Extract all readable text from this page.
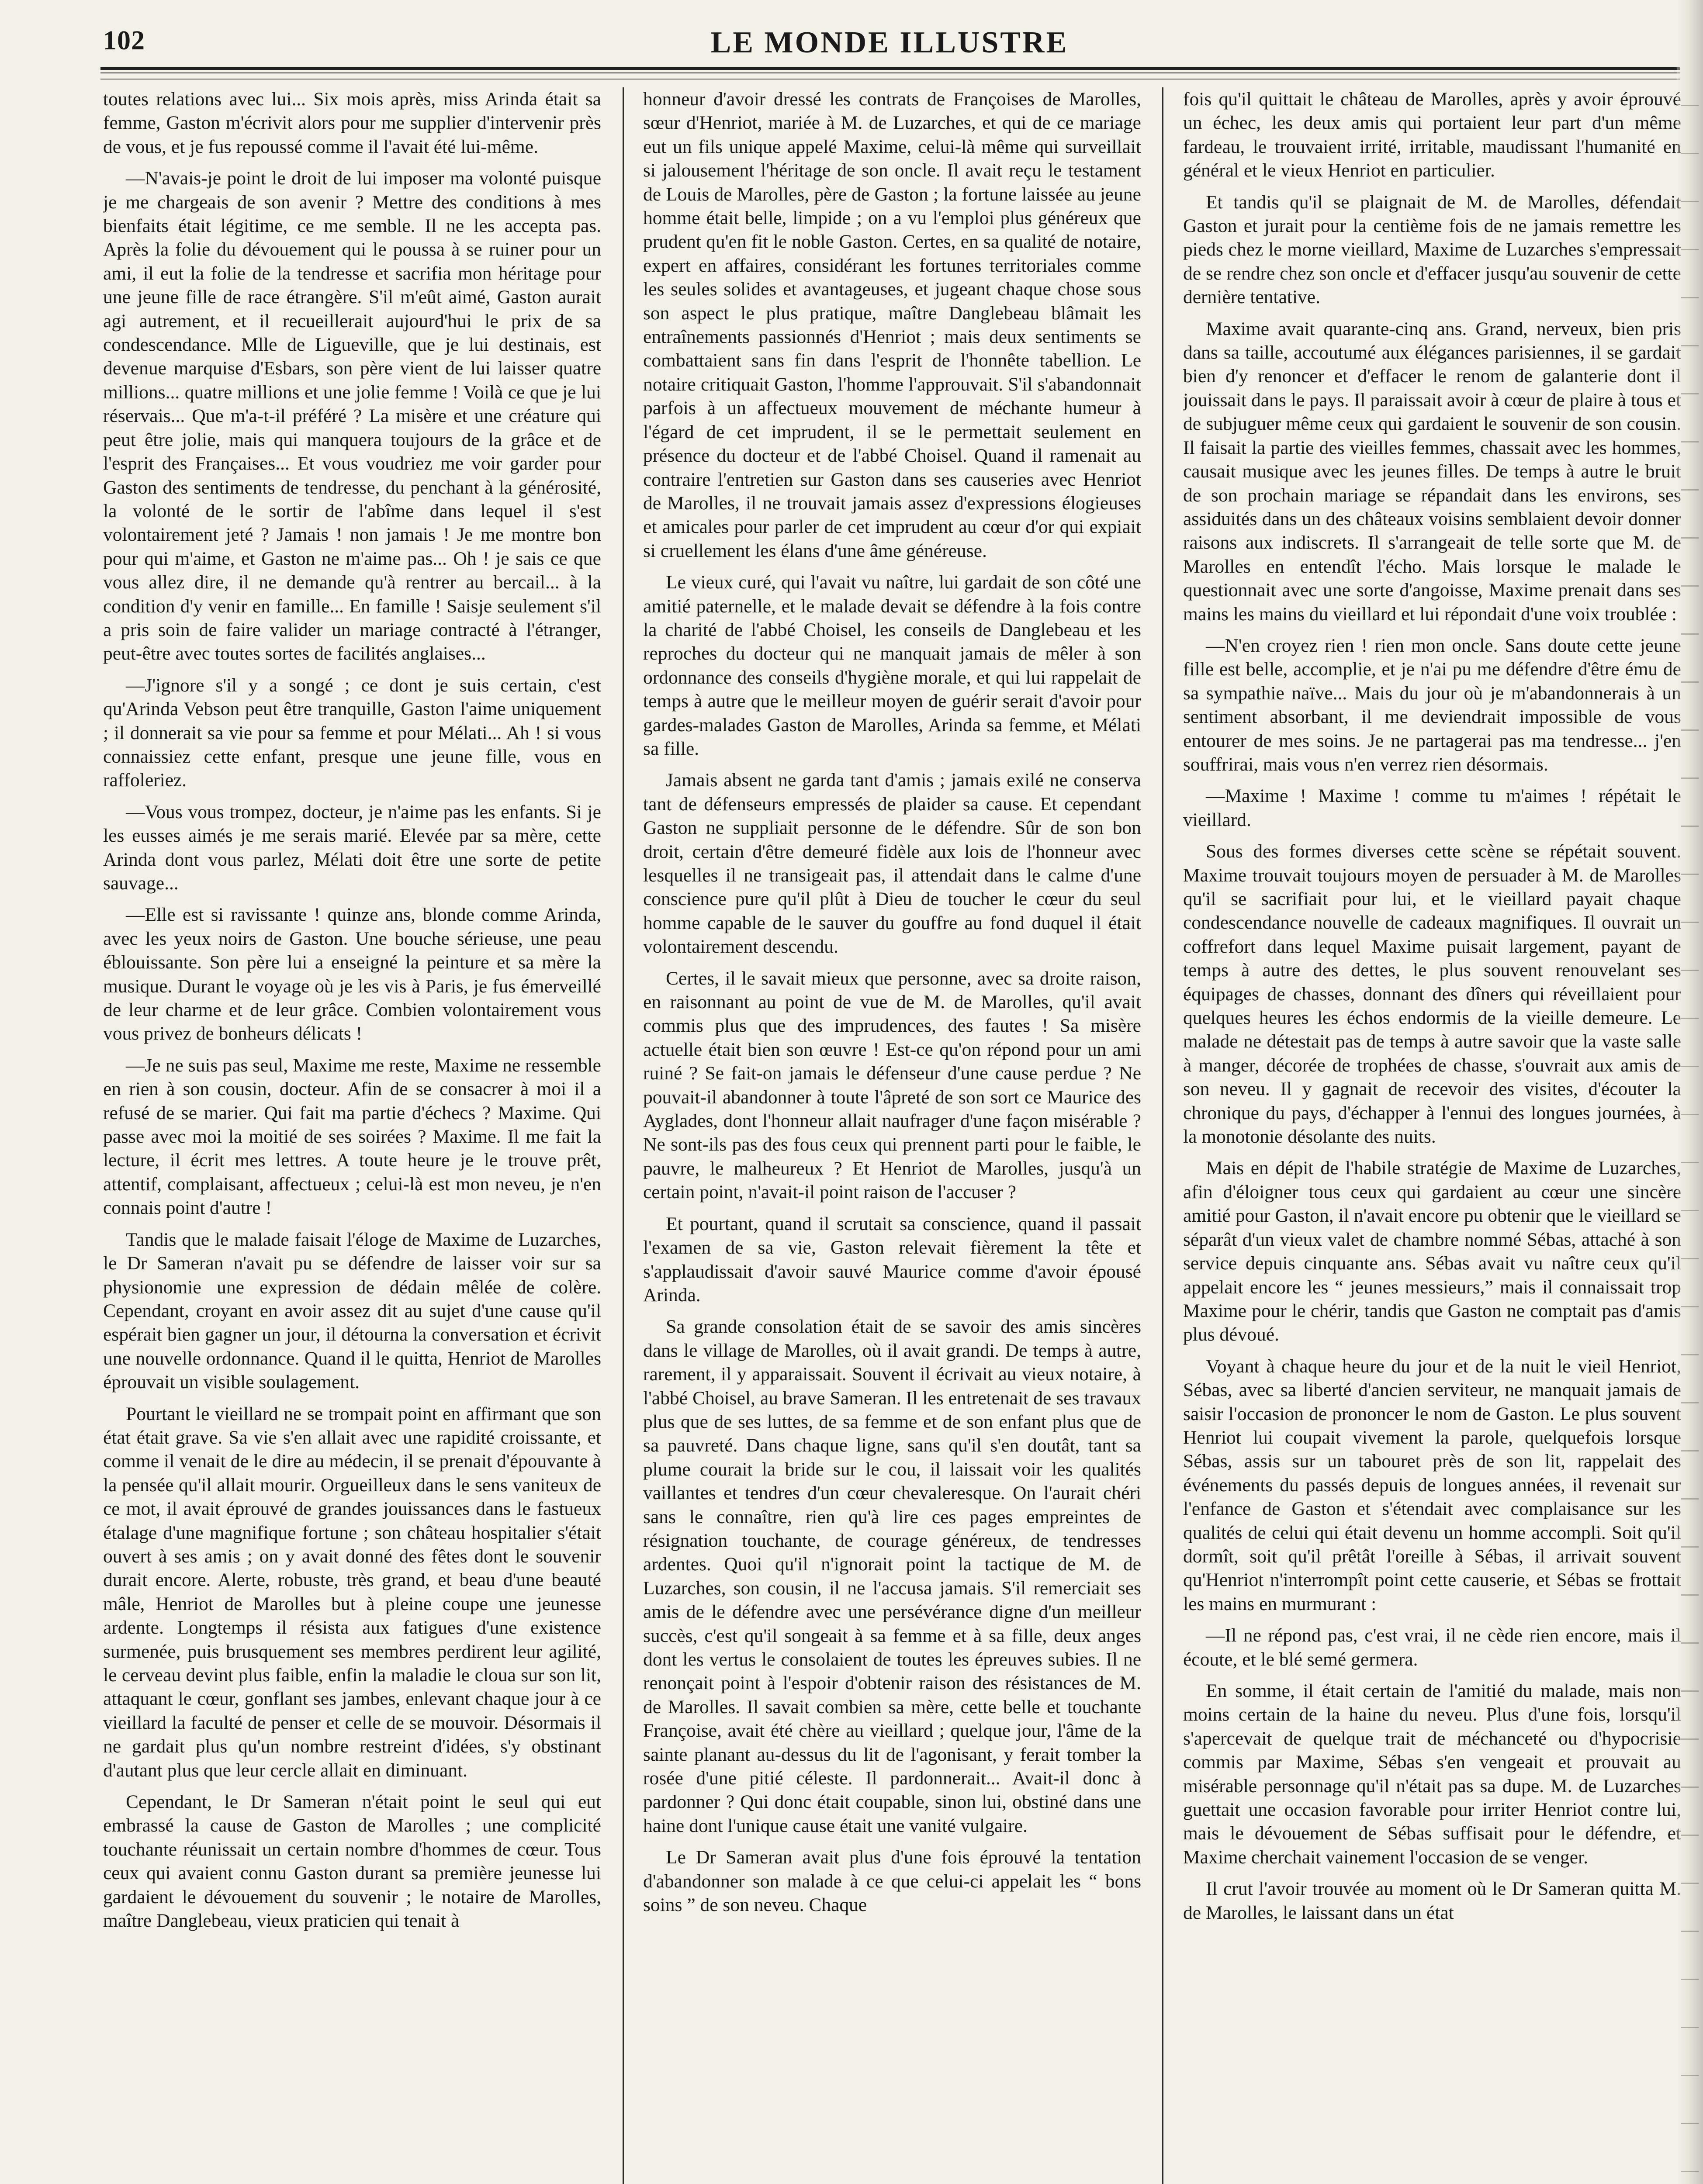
102	LE MONDE ILLUSTRE

toutes relations avec lui... Six mois après, miss Arinda était sa femme, Gaston m'écrivit alors pour me supplier d'intervenir près de vous, et je fus repoussé comme il l'avait été lui-même.

—N'avais-je point le droit de lui imposer ma volonté puisque je me chargeais de son avenir ? Mettre des conditions à mes bienfaits était légitime, ce me semble. Il ne les accepta pas. Après la folie du dévouement qui le poussa à se ruiner pour un ami, il eut la folie de la tendresse et sacrifia mon héritage pour une jeune fille de race étrangère. S'il m'eût aimé, Gaston aurait agi autrement, et il recueillerait aujourd'hui le prix de sa condescendance. Mlle de Ligueville, que je lui destinais, est devenue marquise d'Esbars, son père vient de lui laisser quatre millions... quatre millions et une jolie femme ! Voilà ce que je lui réservais... Que m'a-t-il préféré ? La misère et une créature qui peut être jolie, mais qui manquera toujours de la grâce et de l'esprit des Françaises... Et vous voudriez me voir garder pour Gaston des sentiments de tendresse, du penchant à la générosité, la volonté de le sortir de l'abîme dans lequel il s'est volontairement jeté ? Jamais ! non jamais ! Je me montre bon pour qui m'aime, et Gaston ne m'aime pas... Oh ! je sais ce que vous allez dire, il ne demande qu'à rentrer au bercail... à la condition d'y venir en famille... En famille ! Saisje seulement s'il a pris soin de faire valider un mariage contracté à l'étranger, peut-être avec toutes sortes de facilités anglaises...

—J'ignore s'il y a songé ; ce dont je suis certain, c'est qu'Arinda Vebson peut être tranquille, Gaston l'aime uniquement ; il donnerait sa vie pour sa femme et pour Mélati... Ah ! si vous connaissiez cette enfant, presque une jeune fille, vous en raffoleriez.

—Vous vous trompez, docteur, je n'aime pas les enfants. Si je les eusses aimés je me serais marié. Elevée par sa mère, cette Arinda dont vous parlez, Mélati doit être une sorte de petite sauvage...

—Elle est si ravissante ! quinze ans, blonde comme Arinda, avec les yeux noirs de Gaston. Une bouche sérieuse, une peau éblouissante. Son père lui a enseigné la peinture et sa mère la musique. Durant le voyage où je les vis à Paris, je fus émerveillé de leur charme et de leur grâce. Combien volontairement vous vous privez de bonheurs délicats !

—Je ne suis pas seul, Maxime me reste, Maxime ne ressemble en rien à son cousin, docteur. Afin de se consacrer à moi il a refusé de se marier. Qui fait ma partie d'échecs ? Maxime. Qui passe avec moi la moitié de ses soirées ? Maxime. Il me fait la lecture, il écrit mes lettres. A toute heure je le trouve prêt, attentif, complaisant, affectueux ; celui-là est mon neveu, je n'en connais point d'autre !

Tandis que le malade faisait l'éloge de Maxime de Luzarches, le Dr Sameran n'avait pu se défendre de laisser voir sur sa physionomie une expression de dédain mêlée de colère. Cependant, croyant en avoir assez dit au sujet d'une cause qu'il espérait bien gagner un jour, il détourna la conversation et écrivit une nouvelle ordonnance. Quand il le quitta, Henriot de Marolles éprouvait un visible soulagement.

Pourtant le vieillard ne se trompait point en affirmant que son état était grave. Sa vie s'en allait avec une rapidité croissante, et comme il venait de le dire au médecin, il se prenait d'épouvante à la pensée qu'il allait mourir. Orgueilleux dans le sens vaniteux de ce mot, il avait éprouvé de grandes jouissances dans le fastueux étalage d'une magnifique fortune ; son château hospitalier s'était ouvert à ses amis ; on y avait donné des fêtes dont le souvenir durait encore. Alerte, robuste, très grand, et beau d'une beauté mâle, Henriot de Marolles but à pleine coupe une jeunesse ardente. Longtemps il résista aux fatigues d'une existence surmenée, puis brusquement ses membres perdirent leur agilité, le cerveau devint plus faible, enfin la maladie le cloua sur son lit, attaquant le cœur, gonflant ses jambes, enlevant chaque jour à ce vieillard la faculté de penser et celle de se mouvoir. Désormais il ne gardait plus qu'un nombre restreint d'idées, s'y obstinant d'autant plus que leur cercle allait en diminuant.

Cependant, le Dr Sameran n'était point le seul qui eut embrassé la cause de Gaston de Marolles ; une complicité touchante réunissait un certain nombre d'hommes de cœur. Tous ceux qui avaient connu Gaston durant sa première jeunesse lui gardaient le dévouement du souvenir ; le notaire de Marolles, maître Danglebeau, vieux praticien qui tenait à

honneur d'avoir dressé les contrats de Françoises de Marolles, sœur d'Henriot, mariée à M. de Luzarches, et qui de ce mariage eut un fils unique appelé Maxime, celui-là même qui surveillait si jalousement l'héritage de son oncle. Il avait reçu le testament de Louis de Marolles, père de Gaston ; la fortune laissée au jeune homme était belle, limpide ; on a vu l'emploi plus généreux que prudent qu'en fit le noble Gaston. Certes, en sa qualité de notaire, expert en affaires, considérant les fortunes territoriales comme les seules solides et avantageuses, et jugeant chaque chose sous son aspect le plus pratique, maître Danglebeau blâmait les entraînements passionnés d'Henriot ; mais deux sentiments se combattaient sans fin dans l'esprit de l'honnête tabellion. Le notaire critiquait Gaston, l'homme l'approuvait. S'il s'abandonnait parfois à un affectueux mouvement de méchante humeur à l'égard de cet imprudent, il se le permettait seulement en présence du docteur et de l'abbé Choisel. Quand il ramenait au contraire l'entretien sur Gaston dans ses causeries avec Henriot de Marolles, il ne trouvait jamais assez d'expressions élogieuses et amicales pour parler de cet imprudent au cœur d'or qui expiait si cruellement les élans d'une âme généreuse.

Le vieux curé, qui l'avait vu naître, lui gardait de son côté une amitié paternelle, et le malade devait se défendre à la fois contre la charité de l'abbé Choisel, les conseils de Danglebeau et les reproches du docteur qui ne manquait jamais de mêler à son ordonnance des conseils d'hygiène morale, et qui lui rappelait de temps à autre que le meilleur moyen de guérir serait d'avoir pour gardes-malades Gaston de Marolles, Arinda sa femme, et Mélati sa fille.

Jamais absent ne garda tant d'amis ; jamais exilé ne conserva tant de défenseurs empressés de plaider sa cause. Et cependant Gaston ne suppliait personne de le défendre. Sûr de son bon droit, certain d'être demeuré fidèle aux lois de l'honneur avec lesquelles il ne transigeait pas, il attendait dans le calme d'une conscience pure qu'il plût à Dieu de toucher le cœur du seul homme capable de le sauver du gouffre au fond duquel il était volontairement descendu.

Certes, il le savait mieux que personne, avec sa droite raison, en raisonnant au point de vue de M. de Marolles, qu'il avait commis plus que des imprudences, des fautes ! Sa misère actuelle était bien son œuvre ! Est-ce qu'on répond pour un ami ruiné ? Se fait-on jamais le défenseur d'une cause perdue ? Ne pouvait-il abandonner à toute l'âpreté de son sort ce Maurice des Ayglades, dont l'honneur allait naufrager d'une façon misérable ? Ne sont-ils pas des fous ceux qui prennent parti pour le faible, le pauvre, le malheureux ? Et Henriot de Marolles, jusqu'à un certain point, n'avait-il point raison de l'accuser ?

Et pourtant, quand il scrutait sa conscience, quand il passait l'examen de sa vie, Gaston relevait fièrement la tête et s'applaudissait d'avoir sauvé Maurice comme d'avoir épousé Arinda.

Sa grande consolation était de se savoir des amis sincères dans le village de Marolles, où il avait grandi. De temps à autre, rarement, il y apparaissait. Souvent il écrivait au vieux notaire, à l'abbé Choisel, au brave Sameran. Il les entretenait de ses travaux plus que de ses luttes, de sa femme et de son enfant plus que de sa pauvreté. Dans chaque ligne, sans qu'il s'en doutât, tant sa plume courait la bride sur le cou, il laissait voir les qualités vaillantes et tendres d'un cœur chevaleresque. On l'aurait chéri sans le connaître, rien qu'à lire ces pages empreintes de résignation touchante, de courage généreux, de tendresses ardentes. Quoi qu'il n'ignorait point la tactique de M. de Luzarches, son cousin, il ne l'accusa jamais. S'il remerciait ses amis de le défendre avec une persévérance digne d'un meilleur succès, c'est qu'il songeait à sa femme et à sa fille, deux anges dont les vertus le consolaient de toutes les épreuves subies. Il ne renonçait point à l'espoir d'obtenir raison des résistances de M. de Marolles. Il savait combien sa mère, cette belle et touchante Françoise, avait été chère au vieillard ; quelque jour, l'âme de la sainte planant au-dessus du lit de l'agonisant, y ferait tomber la rosée d'une pitié céleste. Il pardonnerait... Avait-il donc à pardonner ? Qui donc était coupable, sinon lui, obstiné dans une haine dont l'unique cause était une vanité vulgaire.

Le Dr Sameran avait plus d'une fois éprouvé la tentation d'abandonner son malade à ce que celui-ci appelait les “ bons soins ” de son neveu. Chaque

fois qu'il quittait le château de Marolles, après y avoir éprouvé un échec, les deux amis qui portaient leur part d'un même fardeau, le trouvaient irrité, irritable, maudissant l'humanité en général et le vieux Henriot en particulier.

Et tandis qu'il se plaignait de M. de Marolles, défendait Gaston et jurait pour la centième fois de ne jamais remettre les pieds chez le morne vieillard, Maxime de Luzarches s'empressait de se rendre chez son oncle et d'effacer jusqu'au souvenir de cette dernière tentative.

Maxime avait quarante-cinq ans. Grand, nerveux, bien pris dans sa taille, accoutumé aux élégances parisiennes, il se gardait bien d'y renoncer et d'effacer le renom de galanterie dont il jouissait dans le pays. Il paraissait avoir à cœur de plaire à tous et de subjuguer même ceux qui gardaient le souvenir de son cousin. Il faisait la partie des vieilles femmes, chassait avec les hommes, causait musique avec les jeunes filles. De temps à autre le bruit de son prochain mariage se répandait dans les environs, ses assiduités dans un des châteaux voisins semblaient devoir donner raisons aux indiscrets. Il s'arrangeait de telle sorte que M. de Marolles en entendît l'écho. Mais lorsque le malade le questionnait avec une sorte d'angoisse, Maxime prenait dans ses mains les mains du vieillard et lui répondait d'une voix troublée :

—N'en croyez rien ! rien mon oncle. Sans doute cette jeune fille est belle, accomplie, et je n'ai pu me défendre d'être ému de sa sympathie naïve... Mais du jour où je m'abandonnerais à un sentiment absorbant, il me deviendrait impossible de vous entourer de mes soins. Je ne partagerai pas ma tendresse... j'en souffrirai, mais vous n'en verrez rien désormais.

—Maxime ! Maxime ! comme tu m'aimes ! répétait le vieillard.

Sous des formes diverses cette scène se répétait souvent. Maxime trouvait toujours moyen de persuader à M. de Marolles qu'il se sacrifiait pour lui, et le vieillard payait chaque condescendance nouvelle de cadeaux magnifiques. Il ouvrait un coffrefort dans lequel Maxime puisait largement, payant de temps à autre des dettes, le plus souvent renouvelant ses équipages de chasses, donnant des dîners qui réveillaient pour quelques heures les échos endormis de la vieille demeure. Le malade ne détestait pas de temps à autre savoir que la vaste salle à manger, décorée de trophées de chasse, s'ouvrait aux amis de son neveu. Il y gagnait de recevoir des visites, d'écouter la chronique du pays, d'échapper à l'ennui des longues journées, à la monotonie désolante des nuits.

Mais en dépit de l'habile stratégie de Maxime de Luzarches, afin d'éloigner tous ceux qui gardaient au cœur une sincère amitié pour Gaston, il n'avait encore pu obtenir que le vieillard se séparât d'un vieux valet de chambre nommé Sébas, attaché à son service depuis cinquante ans. Sébas avait vu naître ceux qu'il appelait encore les “ jeunes messieurs,” mais il connaissait trop Maxime pour le chérir, tandis que Gaston ne comptait pas d'amis plus dévoué.

Voyant à chaque heure du jour et de la nuit le vieil Henriot, Sébas, avec sa liberté d'ancien serviteur, ne manquait jamais de saisir l'occasion de prononcer le nom de Gaston. Le plus souvent Henriot lui coupait vivement la parole, quelquefois lorsque Sébas, assis sur un tabouret près de son lit, rappelait des événements du passés depuis de longues années, il revenait sur l'enfance de Gaston et s'étendait avec complaisance sur les qualités de celui qui était devenu un homme accompli. Soit qu'il dormît, soit qu'il prêtât l'oreille à Sébas, il arrivait souvent qu'Henriot n'interrompît point cette causerie, et Sébas se frottait les mains en murmurant :

—Il ne répond pas, c'est vrai, il ne cède rien encore, mais il écoute, et le blé semé germera.

En somme, il était certain de l'amitié du malade, mais non moins certain de la haine du neveu. Plus d'une fois, lorsqu'il s'apercevait de quelque trait de méchanceté ou d'hypocrisie commis par Maxime, Sébas s'en vengeait et prouvait au misérable personnage qu'il n'était pas sa dupe. M. de Luzarches guettait une occasion favorable pour irriter Henriot contre lui, mais le dévouement de Sébas suffisait pour le défendre, et Maxime cherchait vainement l'occasion de se venger.

Il crut l'avoir trouvée au moment où le Dr Sameran quitta M. de Marolles, le laissant dans un état
